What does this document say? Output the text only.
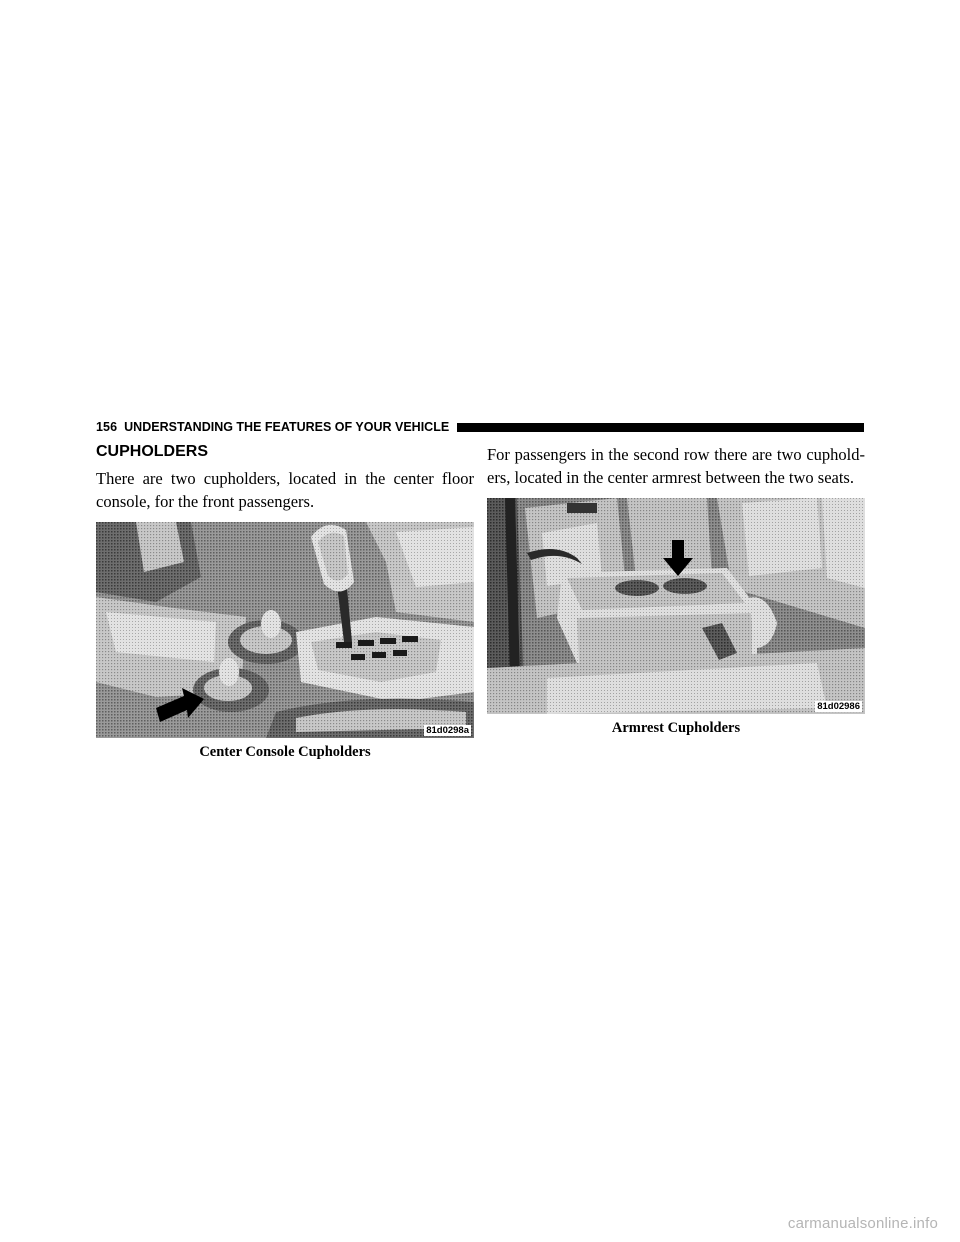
156 UNDERSTANDING THE FEATURES OF YOUR VEHICLE
CUPHOLDERS

There are two cupholders, located in the center floor console, for the front passengers.

81d0298a
Center Console Cupholders

For passengers in the second row there are two cuphold-ers, located in the center armrest between the two seats.

81d02986
Armrest Cupholders
carmanualsonline.info
